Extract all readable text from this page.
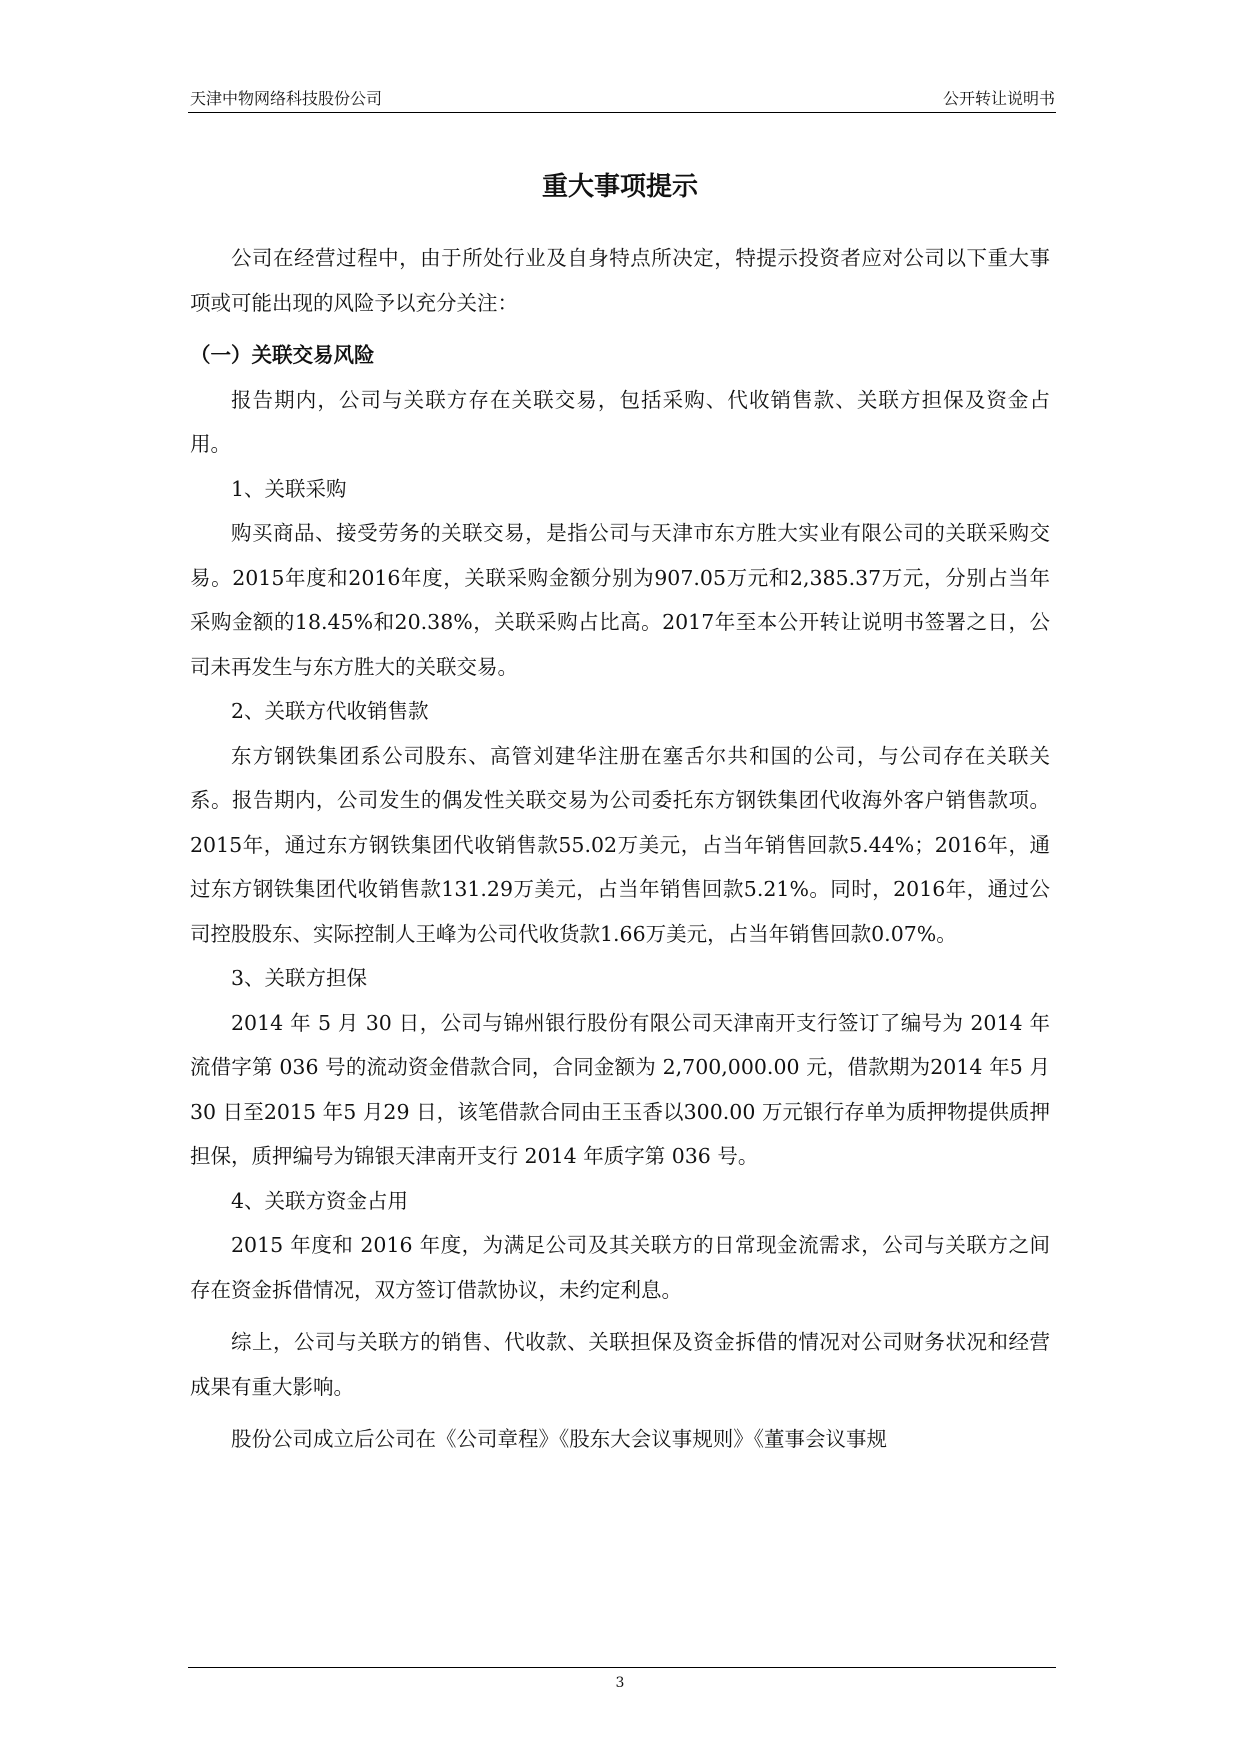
天津中物网络科技股份公司	公开转让说明书
重大事项提示

公司在经营过程中，由于所处行业及自身特点所决定，特提示投资者应对公司以下重大事项或可能出现的风险予以充分关注：

（一）关联交易风险

报告期内，公司与关联方存在关联交易，包括采购、代收销售款、关联方担保及资金占用。

1、关联采购

购买商品、接受劳务的关联交易，是指公司与天津市东方胜大实业有限公司的关联采购交易。2015年度和2016年度，关联采购金额分别为907.05万元和2,385.37万元，分别占当年采购金额的18.45%和20.38%，关联采购占比高。2017年至本公开转让说明书签署之日，公司未再发生与东方胜大的关联交易。

2、关联方代收销售款

东方钢铁集团系公司股东、高管刘建华注册在塞舌尔共和国的公司，与公司存在关联关系。报告期内，公司发生的偶发性关联交易为公司委托东方钢铁集团代收海外客户销售款项。2015年，通过东方钢铁集团代收销售款55.02万美元，占当年销售回款5.44%；2016年，通过东方钢铁集团代收销售款131.29万美元，占当年销售回款5.21%。同时，2016年，通过公司控股股东、实际控制人王峰为公司代收货款1.66万美元，占当年销售回款0.07%。

3、关联方担保

2014 年 5 月 30 日，公司与锦州银行股份有限公司天津南开支行签订了编号为 2014 年流借字第 036 号的流动资金借款合同，合同金额为 2,700,000.00 元，借款期为2014 年5 月30 日至2015 年5 月29 日，该笔借款合同由王玉香以300.00 万元银行存单为质押物提供质押担保，质押编号为锦银天津南开支行 2014 年质字第 036 号。

4、关联方资金占用

2015 年度和 2016 年度，为满足公司及其关联方的日常现金流需求，公司与关联方之间存在资金拆借情况，双方签订借款协议，未约定利息。

综上，公司与关联方的销售、代收款、关联担保及资金拆借的情况对公司财务状况和经营成果有重大影响。

股份公司成立后公司在《公司章程》《股东大会议事规则》《董事会议事规

3
